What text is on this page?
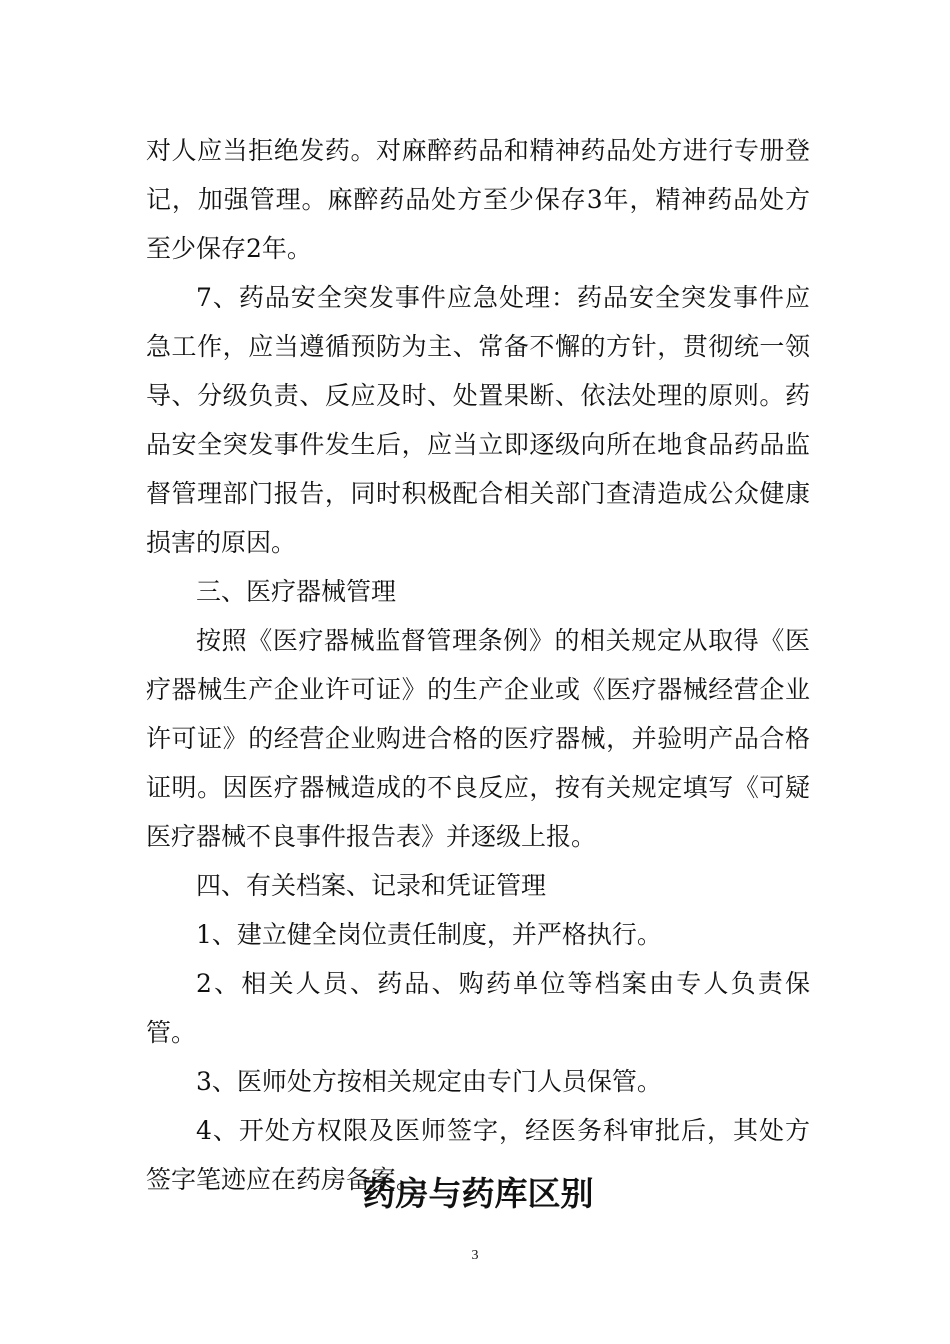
对人应当拒绝发药。对麻醉药品和精神药品处方进行专册登记，加强管理。麻醉药品处方至少保存3年，精神药品处方至少保存2年。

7、药品安全突发事件应急处理：药品安全突发事件应急工作，应当遵循预防为主、常备不懈的方针，贯彻统一领导、分级负责、反应及时、处置果断、依法处理的原则。药品安全突发事件发生后，应当立即逐级向所在地食品药品监督管理部门报告，同时积极配合相关部门查清造成公众健康损害的原因。

三、医疗器械管理

按照《医疗器械监督管理条例》的相关规定从取得《医疗器械生产企业许可证》的生产企业或《医疗器械经营企业许可证》的经营企业购进合格的医疗器械，并验明产品合格证明。因医疗器械造成的不良反应，按有关规定填写《可疑医疗器械不良事件报告表》并逐级上报。

四、有关档案、记录和凭证管理

1、建立健全岗位责任制度，并严格执行。

2、相关人员、药品、购药单位等档案由专人负责保管。

3、医师处方按相关规定由专门人员保管。

4、开处方权限及医师签字，经医务科审批后，其处方签字笔迹应在药房备案。

药房与药库区别
3
